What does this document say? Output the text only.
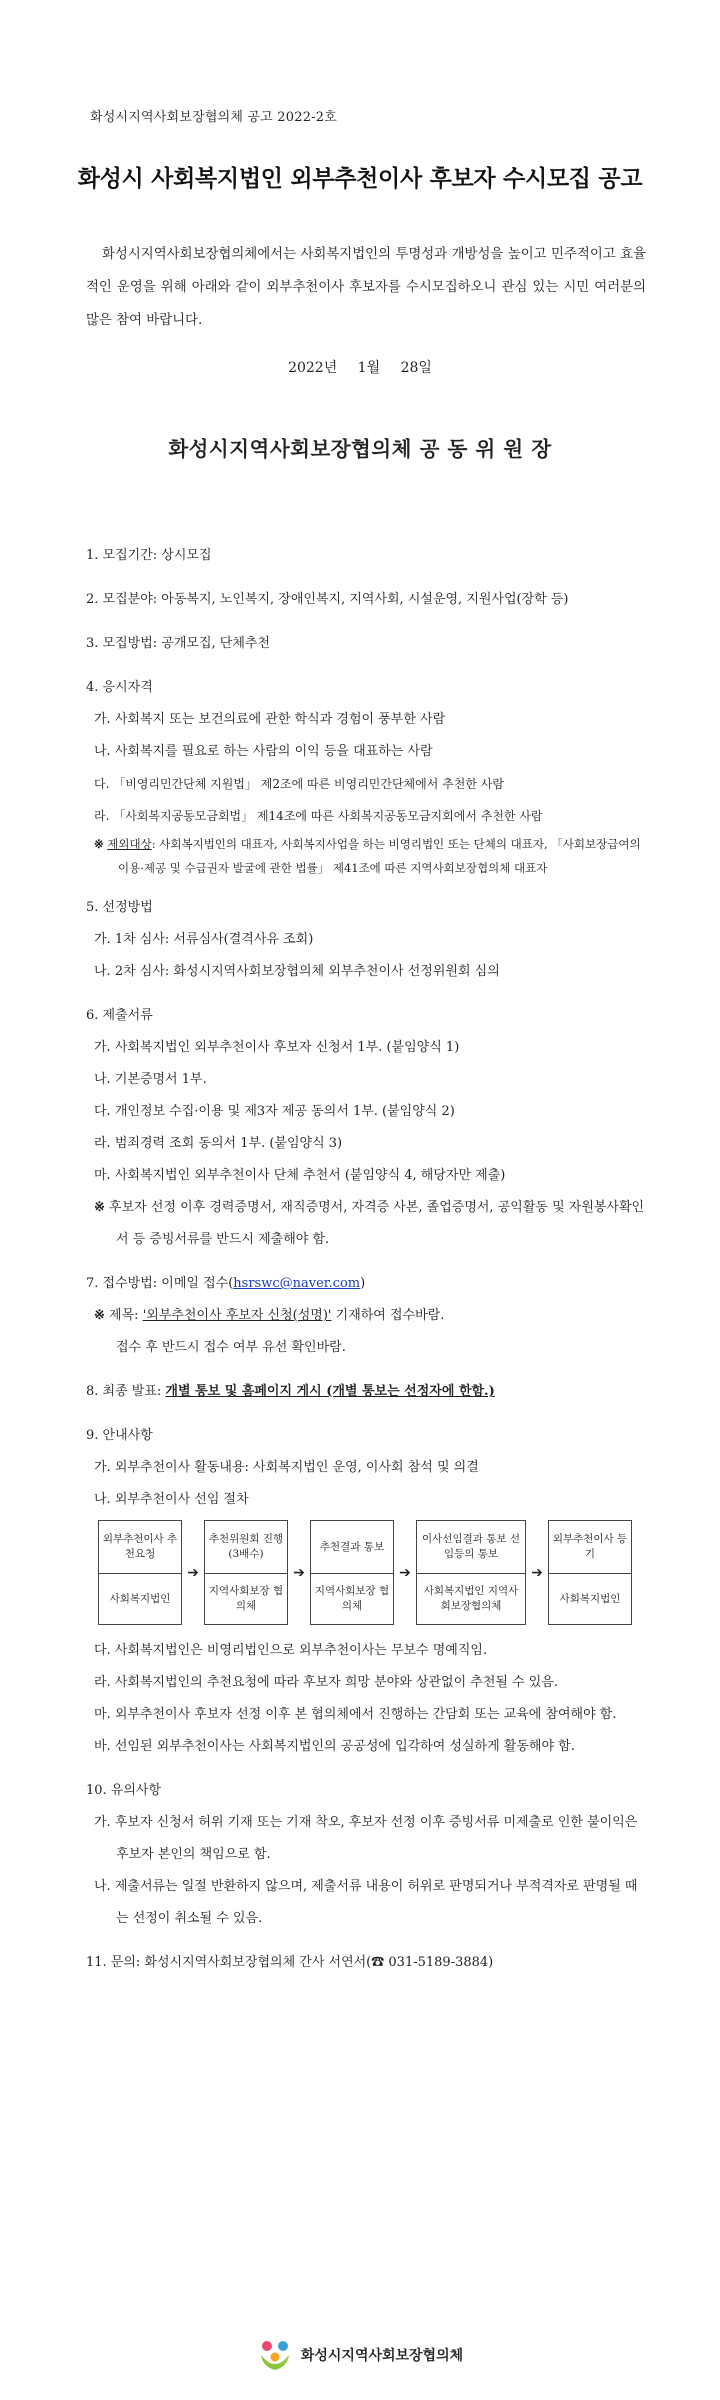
화성시지역사회보장협의체 공고 2022-2호
화성시 사회복지법인 외부추천이사 후보자 수시모집 공고
화성시지역사회보장협의체에서는 사회복지법인의 투명성과 개방성을 높이고 민주적이고 효율적인 운영을 위해 아래와 같이 외부추천이사 후보자를 수시모집하오니 관심 있는 시민 여러분의 많은 참여 바랍니다.
2022년 1월 28일
화성시지역사회보장협의체 공 동 위 원 장
1. 모집기간: 상시모집
2. 모집분야: 아동복지, 노인복지, 장애인복지, 지역사회, 시설운영, 지원사업(장학 등)
3. 모집방법: 공개모집, 단체추천
4. 응시자격
가. 사회복지 또는 보건의료에 관한 학식과 경험이 풍부한 사람
나. 사회복지를 필요로 하는 사람의 이익 등을 대표하는 사람
다. 「비영리민간단체 지원법」 제2조에 따른 비영리민간단체에서 추천한 사람
라. 「사회복지공동모금회법」 제14조에 따른 사회복지공동모금지회에서 추천한 사람
※ 제외대상: 사회복지법인의 대표자, 사회복지사업을 하는 비영리법인 또는 단체의 대표자, 「사회보장급여의 이용·제공 및 수급권자 발굴에 관한 법률」 제41조에 따른 지역사회보장협의체 대표자
5. 선정방법
가. 1차 심사: 서류심사(결격사유 조회)
나. 2차 심사: 화성시지역사회보장협의체 외부추천이사 선정위원회 심의
6. 제출서류
가. 사회복지법인 외부추천이사 후보자 신청서 1부. (붙임양식 1)
나. 기본증명서 1부.
다. 개인정보 수집·이용 및 제3자 제공 동의서 1부. (붙임양식 2)
라. 범죄경력 조회 동의서 1부. (붙임양식 3)
마. 사회복지법인 외부추천이사 단체 추천서 (붙임양식 4, 해당자만 제출)
※ 후보자 선정 이후 경력증명서, 재직증명서, 자격증 사본, 졸업증명서, 공익활동 및 자원봉사확인서 등 증빙서류를 반드시 제출해야 함.
7. 접수방법: 이메일 접수(hsrswc@naver.com)
※ 제목: '외부추천이사 후보자 신청(성명)' 기재하여 접수바람.
접수 후 반드시 접수 여부 유선 확인바람.
8. 최종 발표: 개별 통보 및 홈페이지 게시 (개별 통보는 선정자에 한함.)
9. 안내사항
가. 외부추천이사 활동내용: 사회복지법인 운영, 이사회 참석 및 의결
나. 외부추천이사 선임 절차
외부추천이사 추천요청
사회복지법인
➔
추천위원회 진행 (3배수)
지역사회보장 협의체
➔
추천결과 통보
지역사회보장 협의체
➔
이사선임결과 통보 선임등의 통보
사회복지법인 지역사회보장협의체
➔
외부추천이사 등기
사회복지법인
다. 사회복지법인은 비영리법인으로 외부추천이사는 무보수 명예직임.
라. 사회복지법인의 추천요청에 따라 후보자 희망 분야와 상관없이 추천될 수 있음.
마. 외부추천이사 후보자 선정 이후 본 협의체에서 진행하는 간담회 또는 교육에 참여해야 함.
바. 선임된 외부추천이사는 사회복지법인의 공공성에 입각하여 성실하게 활동해야 함.
10. 유의사항
가. 후보자 신청서 허위 기재 또는 기재 착오, 후보자 선정 이후 증빙서류 미제출로 인한 불이익은 후보자 본인의 책임으로 함.
나. 제출서류는 일절 반환하지 않으며, 제출서류 내용이 허위로 판명되거나 부적격자로 판명될 때는 선정이 취소될 수 있음.
11. 문의: 화성시지역사회보장협의체 간사 서연서(☎ 031-5189-3884)
화성시지역사회보장협의체
